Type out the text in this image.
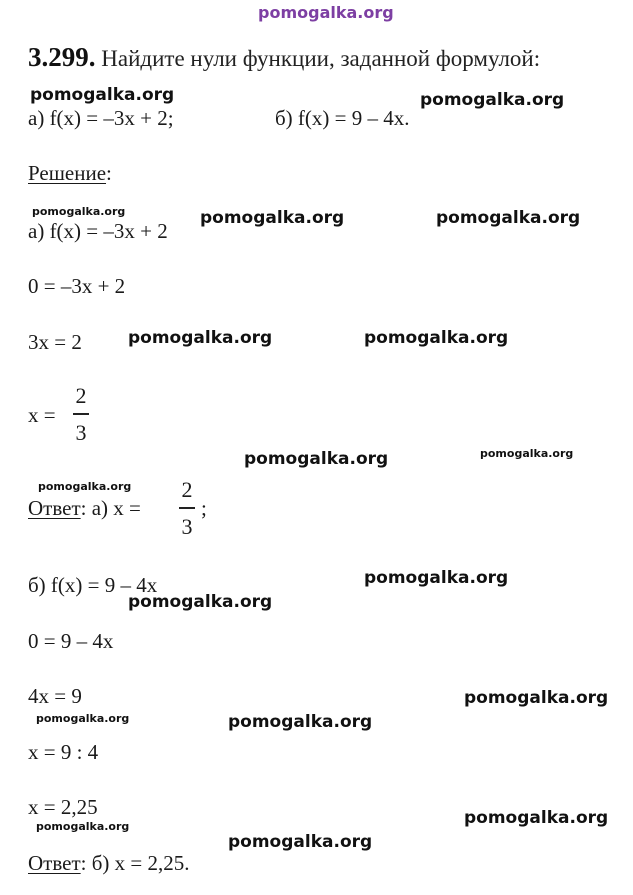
pomogalka.org
3.299. Найдите нули функции, заданной формулой:
pomogalka.org	pomogalka.org
а) f(x) = –3x + 2;	б) f(x) = 9 – 4x.
Решение:
pomogalka.org	pomogalka.org	pomogalka.org
а) f(x) = –3x + 2
0 = –3x + 2
3x = 2	pomogalka.org	pomogalka.org
x =
2
3
pomogalka.org	pomogalka.org
pomogalka.org
Ответ: а) x =
2
3
;
б) f(x) = 9 – 4x	pomogalka.org
pomogalka.org
0 = 9 – 4x
4x = 9	pomogalka.org
pomogalka.org	pomogalka.org
x = 9 : 4
x = 2,25
pomogalka.org	pomogalka.org
pomogalka.org
Ответ: б) x = 2,25.
